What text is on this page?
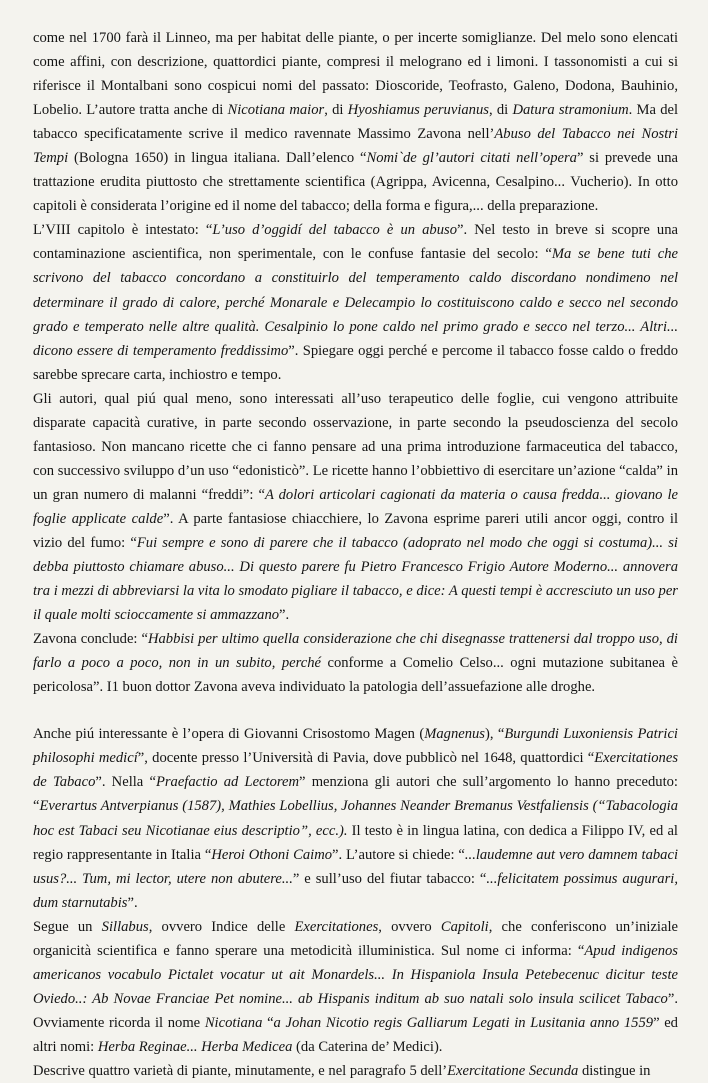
come nel 1700 farà il Linneo, ma per habitat delle piante, o per incerte somiglianze. Del melo sono elencati come affini, con descrizione, quattordici piante, compresi il melograno ed i limoni. I tassonomisti a cui si riferisce il Montalbani sono cospicui nomi del passato: Dioscoride, Teofrasto, Galeno, Dodona, Bauhinio, Lobelio. L’autore tratta anche di Nicotiana maior, di Hyoshiamus peruvianus, di Datura stramonium. Ma del tabacco specificatamente scrive il medico ravennate Massimo Zavona nell’Abuso del Tabacco nei Nostri Tempi (Bologna 1650) in lingua italiana. Dall’elenco “Nomi`de gl’autori citati nell’opera” si prevede una trattazione erudita piuttosto che strettamente scientifica (Agrippa, Avicenna, Cesalpino... Vucherio). In otto capitoli è considerata l’origine ed il nome del tabacco; della forma e figura,... della preparazione.

L’VIII capitolo è intestato: “L’uso d’oggidí del tabacco è un abuso”. Nel testo in breve si scopre una contaminazione ascientifica, non sperimentale, con le confuse fantasie del secolo: “Ma se bene tuti che scrivono del tabacco concordano a constituirlo del temperamento caldo discordano nondimeno nel determinare il grado di calore, perché Monarale e Delecampio lo costituiscono caldo e secco nel secondo grado e temperato nelle altre qualità. Cesalpinio lo pone caldo nel primo grado e secco nel terzo... Altri... dicono essere di temperamento freddissimo”. Spiegare oggi perché e percome il tabacco fosse caldo o freddo sarebbe sprecare carta, inchiostro e tempo.

Gli autori, qual piú qual meno, sono interessati all’uso terapeutico delle foglie, cui vengono attribuite disparate capacità curative, in parte secondo osservazione, in parte secondo la pseudoscienza del secolo fantasioso. Non mancano ricette che ci fanno pensare ad una prima introduzione farmaceutica del tabacco, con successivo sviluppo d’un uso “edonisticò”. Le ricette hanno l’obbiettivo di esercitare un’azione “calda” in un gran numero di malanni “freddi”: “A dolori articolari cagionati da materia o causa fredda... giovano le foglie applicate calde”. A parte fantasiose chiacchiere, lo Zavona esprime pareri utili ancor oggi, contro il vizio del fumo: “Fui sempre e sono di parere che il tabacco (adoprato nel modo che oggi si costuma)... si debba piuttosto chiamare abuso... Di questo parere fu Pietro Francesco Frigio Autore Moderno... annovera tra i mezzi di abbreviarsi la vita lo smodato pigliare il tabacco, e dice: A questi tempi è accresciuto un uso per il quale molti scioccamente si ammazzano”.

Zavona conclude: “Habbisi per ultimo quella considerazione che chi disegnasse trattenersi dal troppo uso, di farlo a poco a poco, non in un subito, perché conforme a Comelio Celso... ogni mutazione subitanea è pericolosa”. I1 buon dottor Zavona aveva individuato la patologia dell’assuefazione alle droghe.

Anche piú interessante è l’opera di Giovanni Crisostomo Magen (Magnenus), “Burgundi Luxoniensis Patrici philosophi medicí”, docente presso l’Università di Pavia, dove pubblicò nel 1648, quattordici “Exercitationes de Tabaco”. Nella “Praefactio ad Lectorem” menziona gli autori che sull’argomento lo hanno preceduto: “Everartus Antverpianus (1587), Mathies Lobellius, Johannes Neander Bremanus Vestfaliensis (“Tabacologia hoc est Tabaci seu Nicotianae eius descriptio”, ecc.). Il testo è in lingua latina, con dedica a Filippo IV, ed al regio rappresentante in Italia “Heroi Othoni Caimo”. L’autore si chiede: “...laudemne aut vero damnem tabaci usus?... Tum, mi lector, utere non abutere...” e sull’uso del fiutar tabacco: “...felicitatem possimus augurari, dum starnutabis”.

Segue un Sillabus, ovvero Indice delle Exercitationes, ovvero Capitoli, che conferiscono un’iniziale organicità scientifica e fanno sperare una metodicità illuministica. Sul nome ci informa: “Apud indigenos americanos vocabulo Pictalet vocatur ut ait Monardels... In Hispaniola Insula Petebecenuc dicitur teste Oviedo..: Ab Novae Franciae Pet nomine... ab Hispanis inditum ab suo natali solo insula scilicet Tabaco”. Ovviamente ricorda il nome Nicotiana “a Johan Nicotio regis Galliarum Legati in Lusitania anno 1559” ed altri nomi: Herba Reginae... Herba Medicea (da Caterina de’ Medici).

Descrive quattro varietà di piante, minutamente, e nel paragrafo 5 dell’Exercitatione Secunda distingue in
